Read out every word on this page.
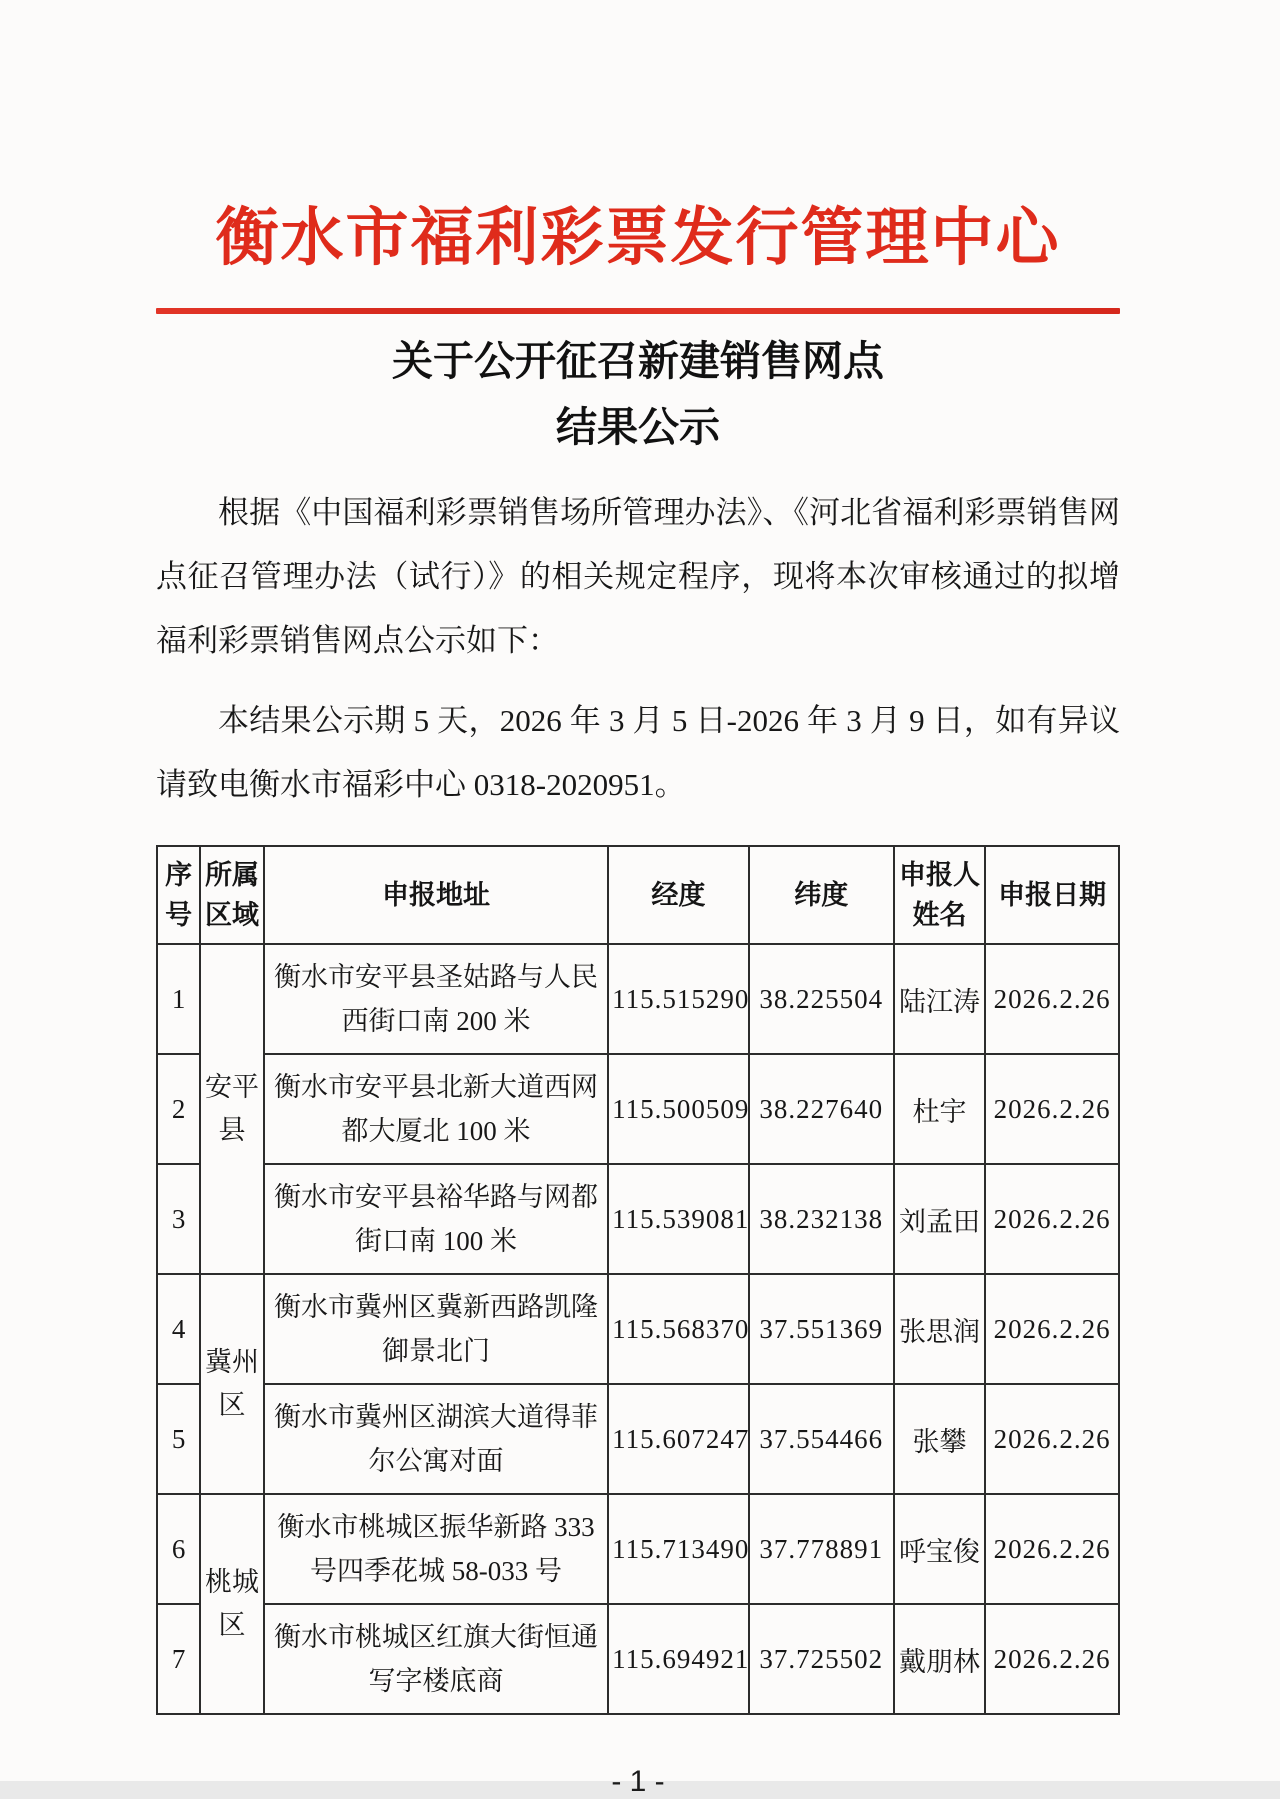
衡水市福利彩票发行管理中心
关于公开征召新建销售网点
结果公示

根据《中国福利彩票销售场所管理办法》、《河北省福利彩票销售网点征召管理办法（试行）》的相关规定程序，现将本次审核通过的拟增福利彩票销售网点公示如下：

本结果公示期 5 天，2026 年 3 月 5 日-2026 年 3 月 9 日，如有异议请致电衡水市福彩中心 0318-2020951。

序号	所属区域	申报地址	经度	纬度	申报人姓名	申报日期
1	安平县	衡水市安平县圣姑路与人民西街口南 200 米	115.515290	38.225504	陆江涛	2026.2.26
2		衡水市安平县北新大道西网都大厦北 100 米	115.500509	38.227640	杜宇	2026.2.26
3		衡水市安平县裕华路与网都街口南 100 米	115.539081	38.232138	刘孟田	2026.2.26
4	冀州区	衡水市冀州区冀新西路凯隆御景北门	115.568370	37.551369	张思润	2026.2.26
5		衡水市冀州区湖滨大道得菲尔公寓对面	115.607247	37.554466	张攀	2026.2.26
6	桃城区	衡水市桃城区振华新路 333 号四季花城 58-033 号	115.713490	37.778891	呼宝俊	2026.2.26
7		衡水市桃城区红旗大街恒通写字楼底商	115.694921	37.725502	戴朋林	2026.2.26
- 1 -
